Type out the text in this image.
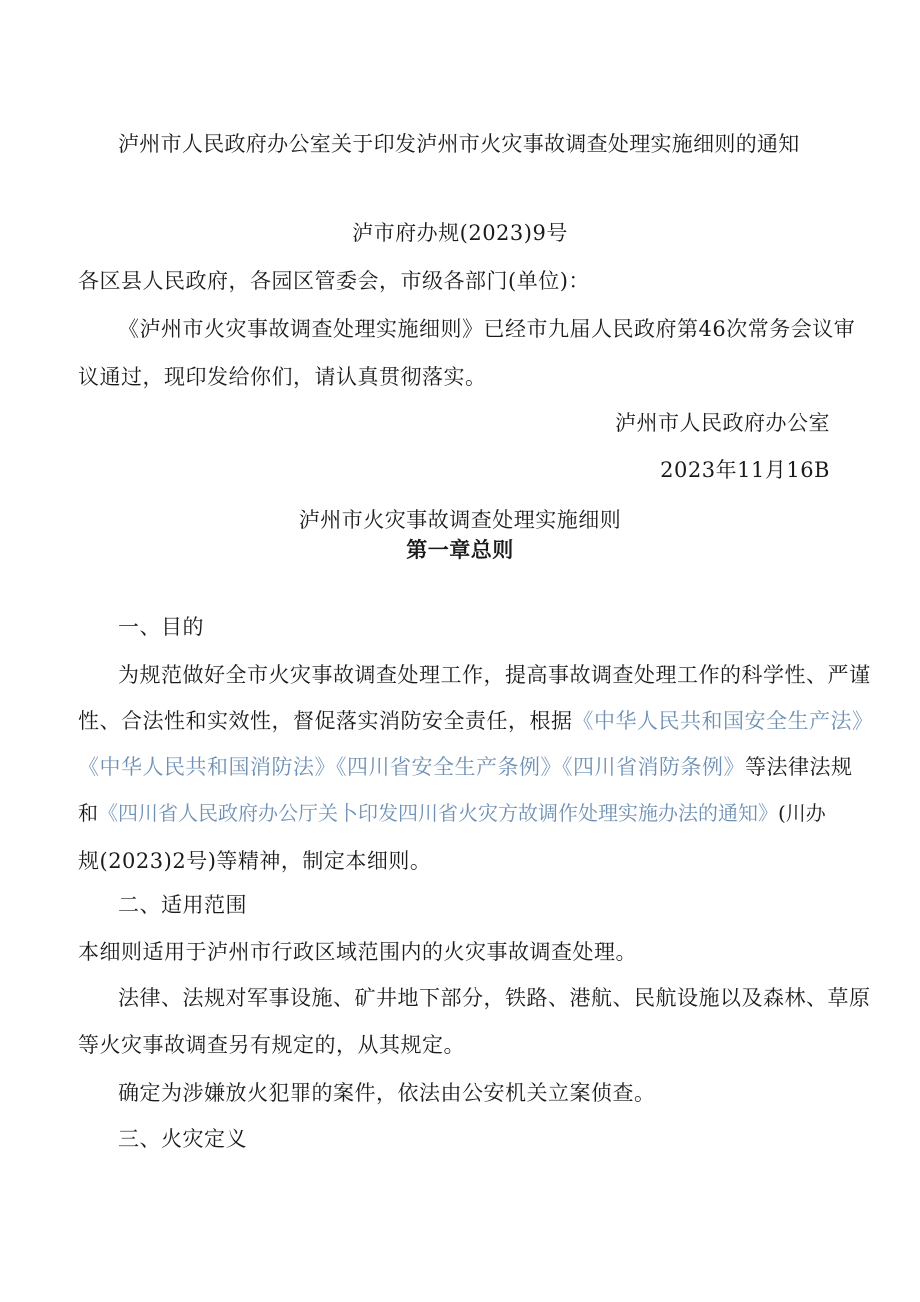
泸州市人民政府办公室关于印发泸州市火灾事故调查处理实施细则的通知
泸市府办规(2023)9号
各区县人民政府，各园区管委会，市级各部门(单位)：
《泸州市火灾事故调查处理实施细则》已经市九届人民政府第46次常务会议审
议通过，现印发给你们，请认真贯彻落实。
泸州市人民政府办公室
2023年11月16B
泸州市火灾事故调查处理实施细则
第一章总则
一、目的
为规范做好全市火灾事故调查处理工作，提高事故调查处理工作的科学性、严谨
性、合法性和实效性，督促落实消防安全责任，根据《中华人民共和国安全生产法》
《中华人民共和国消防法》《四川省安全生产条例》《四川省消防条例》等法律法规
和《四川省人民政府办公厅关卜印发四川省火灾方故调作处理实施办法的通知》(川办
规(2023)2号)等精神，制定本细则。
二、适用范围
本细则适用于泸州市行政区域范围内的火灾事故调查处理。
法律、法规对军事设施、矿井地下部分，铁路、港航、民航设施以及森林、草原
等火灾事故调查另有规定的，从其规定。
确定为涉嫌放火犯罪的案件，依法由公安机关立案侦查。
三、火灾定义
